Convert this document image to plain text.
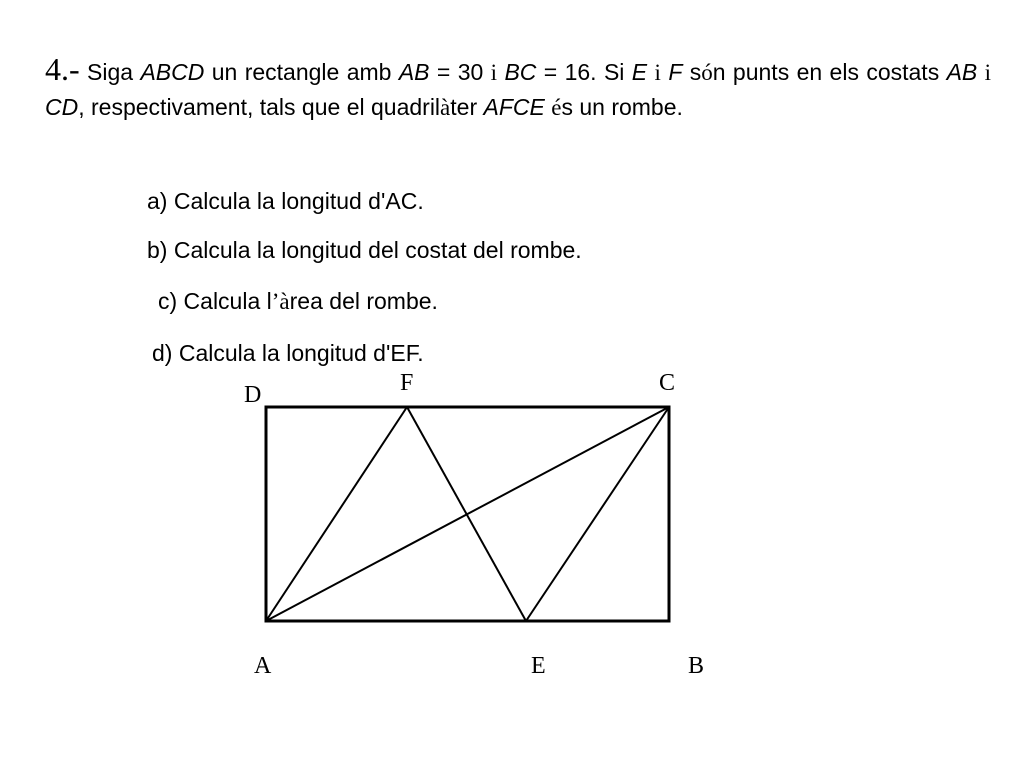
4.- Siga ABCD un rectangle amb AB = 30 i BC = 16. Si E i F són punts en els costats AB i CD, respectivament, tals que el quadrilàter AFCE és un rombe.

a) Calcula la longitud d'AC.

b) Calcula la longitud del costat del rombe.

c) Calcula l’àrea del rombe.

d) Calcula la longitud d'EF.

D	F	C
A	E	B
